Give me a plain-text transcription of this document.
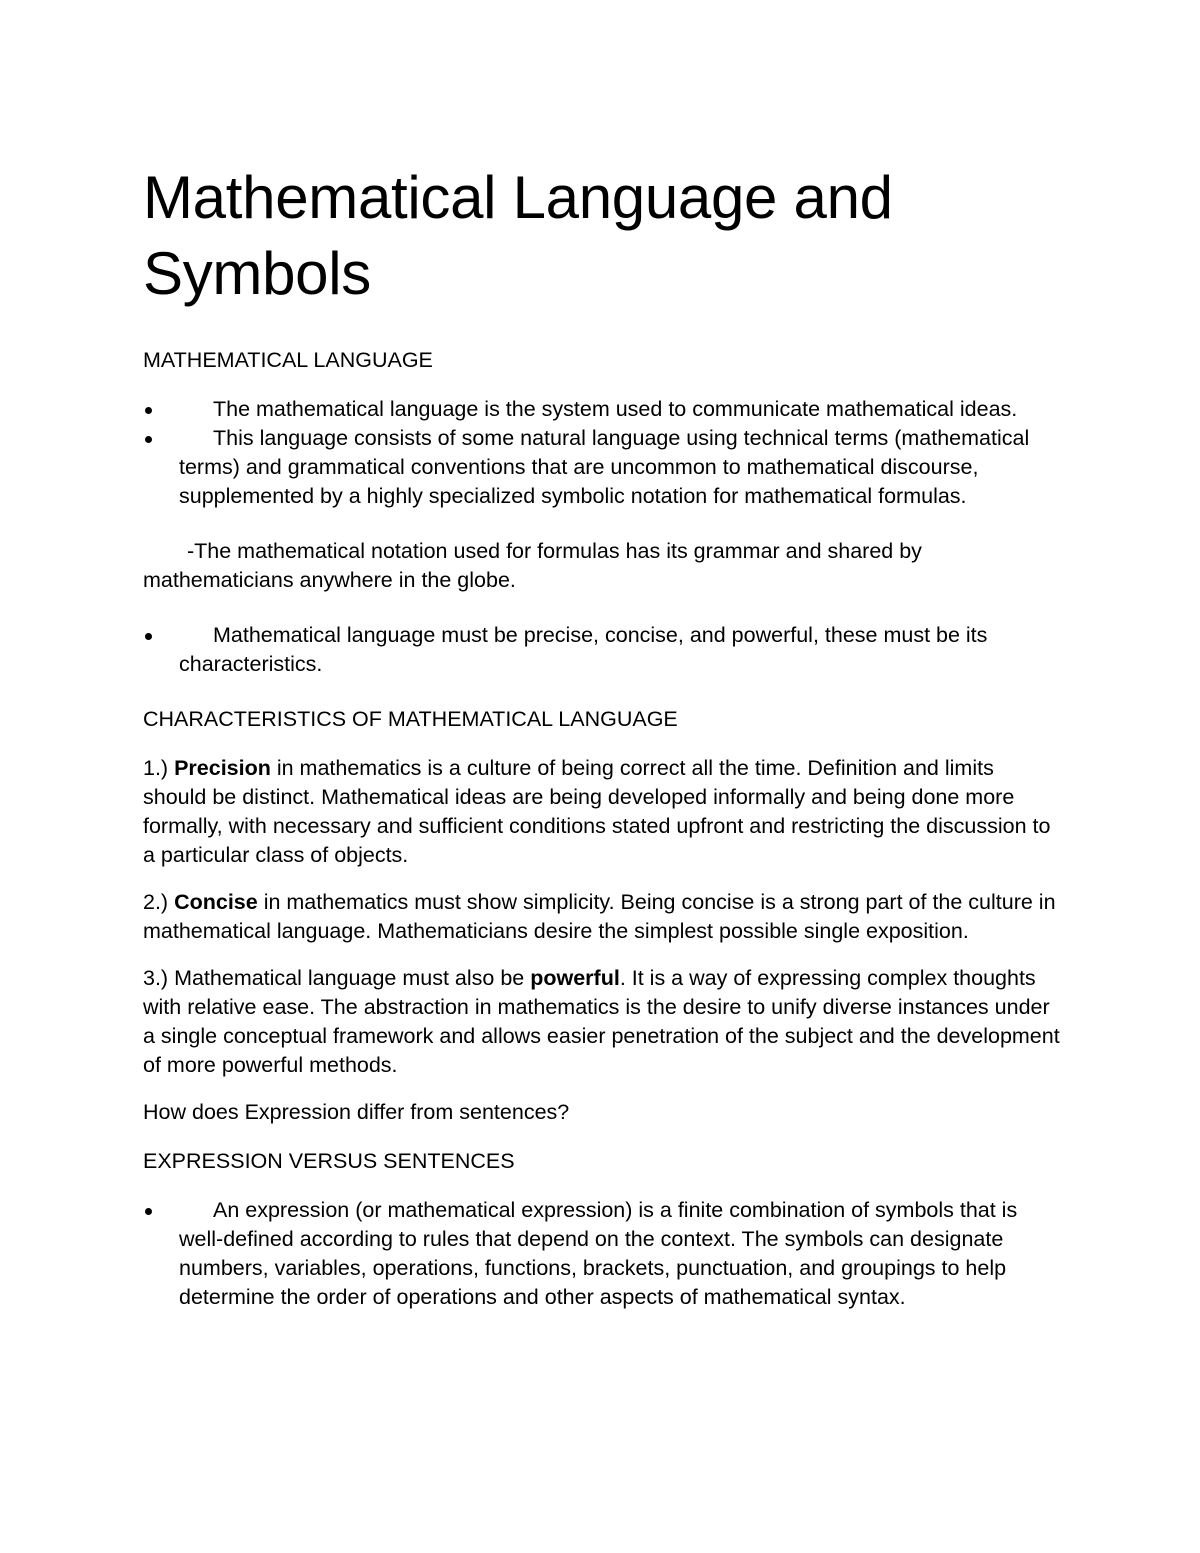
Mathematical Language and Symbols

MATHEMATICAL LANGUAGE

The mathematical language is the system used to communicate mathematical ideas.
This language consists of some natural language using technical terms (mathematical terms) and grammatical conventions that are uncommon to mathematical discourse, supplemented by a highly specialized symbolic notation for mathematical formulas.

-The mathematical notation used for formulas has its grammar and shared by mathematicians anywhere in the globe.

Mathematical language must be precise, concise, and powerful, these must be its characteristics.

CHARACTERISTICS OF MATHEMATICAL LANGUAGE

1.) Precision in mathematics is a culture of being correct all the time. Definition and limits should be distinct. Mathematical ideas are being developed informally and being done more formally, with necessary and sufficient conditions stated upfront and restricting the discussion to a particular class of objects.

2.) Concise in mathematics must show simplicity. Being concise is a strong part of the culture in mathematical language. Mathematicians desire the simplest possible single exposition.

3.) Mathematical language must also be powerful. It is a way of expressing complex thoughts with relative ease. The abstraction in mathematics is the desire to unify diverse instances under a single conceptual framework and allows easier penetration of the subject and the development of more powerful methods.

How does Expression differ from sentences?

EXPRESSION VERSUS SENTENCES

An expression (or mathematical expression) is a finite combination of symbols that is well-defined according to rules that depend on the context. The symbols can designate numbers, variables, operations, functions, brackets, punctuation, and groupings to help determine the order of operations and other aspects of mathematical syntax.
